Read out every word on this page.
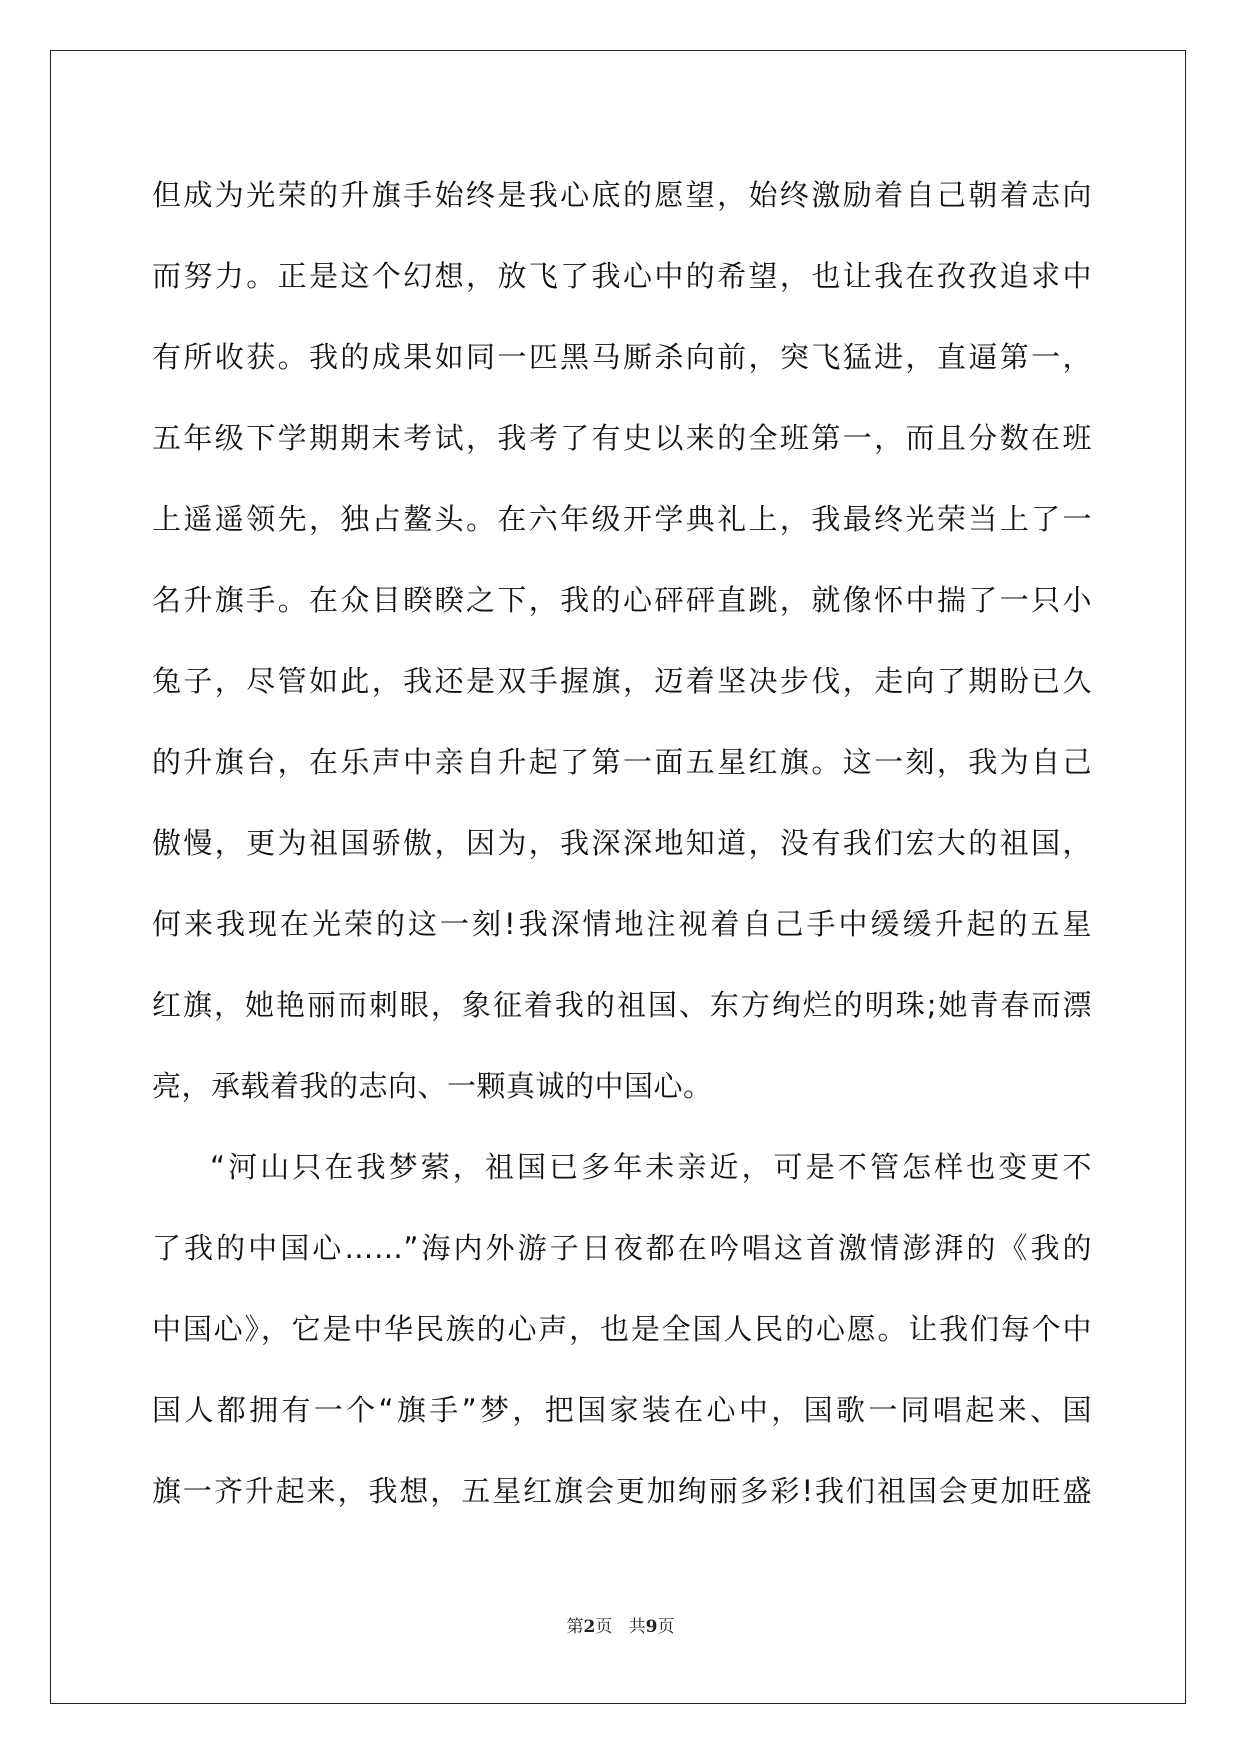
但成为光荣的升旗手始终是我心底的愿望，始终激励着自己朝着志向
而努力。正是这个幻想，放飞了我心中的希望，也让我在孜孜追求中
有所收获。我的成果如同一匹黑马厮杀向前，突飞猛进，直逼第一，
五年级下学期期末考试，我考了有史以来的全班第一，而且分数在班
上遥遥领先，独占鳌头。在六年级开学典礼上，我最终光荣当上了一
名升旗手。在众目睽睽之下，我的心砰砰直跳，就像怀中揣了一只小
兔子，尽管如此，我还是双手握旗，迈着坚决步伐，走向了期盼已久
的升旗台，在乐声中亲自升起了第一面五星红旗。这一刻，我为自己
傲慢，更为祖国骄傲，因为，我深深地知道，没有我们宏大的祖国，
何来我现在光荣的这一刻!我深情地注视着自己手中缓缓升起的五星
红旗，她艳丽而刺眼，象征着我的祖国、东方绚烂的明珠;她青春而漂
亮，承载着我的志向、一颗真诚的中国心。
“河山只在我梦萦，祖国已多年未亲近，可是不管怎样也变更不
了我的中国心……”海内外游子日夜都在吟唱这首激情澎湃的《我的
中国心》，它是中华民族的心声，也是全国人民的心愿。让我们每个中
国人都拥有一个“旗手”梦，把国家装在心中，国歌一同唱起来、国
旗一齐升起来，我想，五星红旗会更加绚丽多彩!我们祖国会更加旺盛
第2页 共9页
